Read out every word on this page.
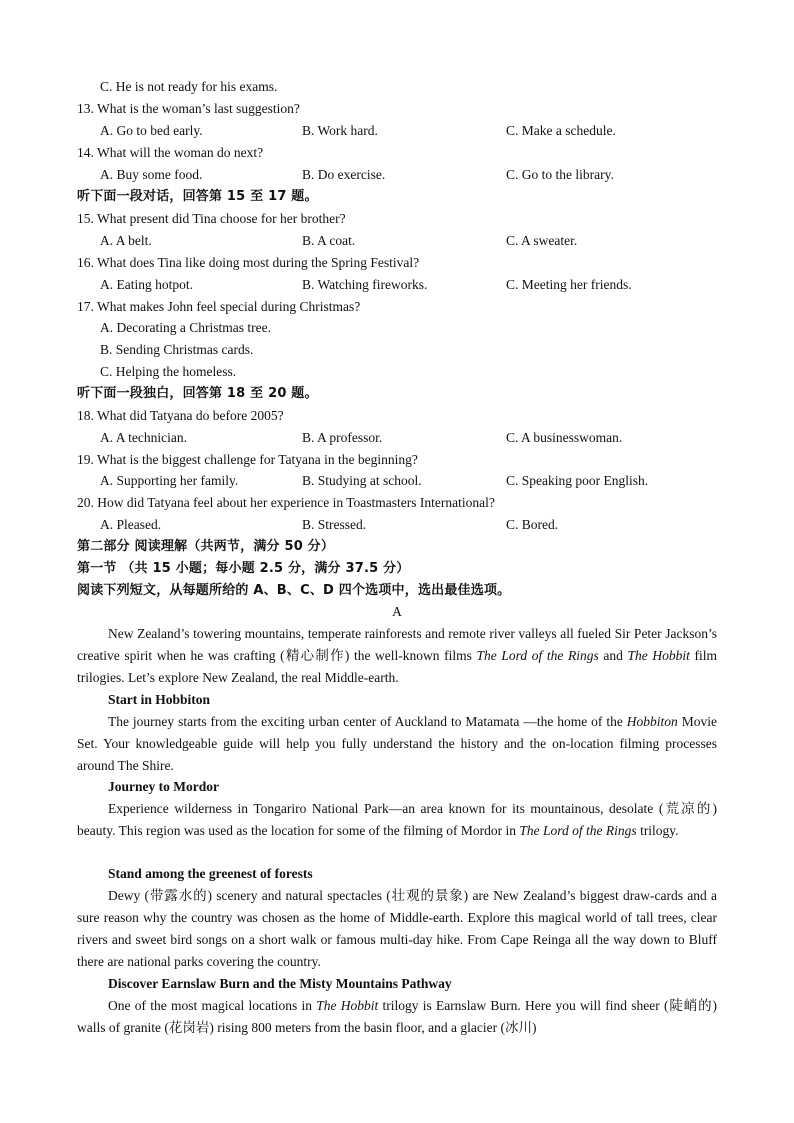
C. He is not ready for his exams.
13. What is the woman’s last suggestion?
A. Go to bed early.	B. Work hard.	C. Make a schedule.
14. What will the woman do next?
A. Buy some food.	B. Do exercise.	C. Go to the library.
听下面一段对话，回答第 15 至 17 题。
15. What present did Tina choose for her brother?
A. A belt.	B. A coat.	C. A sweater.
16. What does Tina like doing most during the Spring Festival?
A. Eating hotpot.	B. Watching fireworks.	C. Meeting her friends.
17. What makes John feel special during Christmas?
A. Decorating a Christmas tree.
B. Sending Christmas cards.
C. Helping the homeless.
听下面一段独白，回答第 18 至 20 题。
18. What did Tatyana do before 2005?
A. A technician.	B. A professor.	C. A businesswoman.
19. What is the biggest challenge for Tatyana in the beginning?
A. Supporting her family.	B. Studying at school.	C. Speaking poor English.
20. How did Tatyana feel about her experience in Toastmasters International?
A. Pleased.	B. Stressed.	C. Bored.
第二部分 阅读理解（共两节，满分 50 分）
第一节 （共 15 小题；每小题 2.5 分，满分 37.5 分）
阅读下列短文，从每题所给的 A、B、C、D 四个选项中，选出最佳选项。
A

New Zealand’s towering mountains, temperate rainforests and remote river valleys all fueled Sir Peter Jackson’s creative spirit when he was crafting (精心制作) the well-known films The Lord of the Rings and The Hobbit film trilogies. Let’s explore New Zealand, the real Middle-earth.

Start in Hobbiton

The journey starts from the exciting urban center of Auckland to Matamata —the home of the Hobbiton Movie Set. Your knowledgeable guide will help you fully understand the history and the on-location filming processes around The Shire.

Journey to Mordor

Experience wilderness in Tongariro National Park—an area known for its mountainous, desolate (荒凉的) beauty. This region was used as the location for some of the filming of Mordor in The Lord of the Rings trilogy.

Stand among the greenest of forests

Dewy (带露水的) scenery and natural spectacles (壮观的景象) are New Zealand’s biggest draw-cards and a sure reason why the country was chosen as the home of Middle-earth. Explore this magical world of tall trees, clear rivers and sweet bird songs on a short walk or famous multi-day hike. From Cape Reinga all the way down to Bluff there are national parks covering the country.

Discover Earnslaw Burn and the Misty Mountains Pathway

One of the most magical locations in The Hobbit trilogy is Earnslaw Burn. Here you will find sheer (陡峭的) walls of granite (花岗岩) rising 800 meters from the basin floor, and a glacier (冰川)
